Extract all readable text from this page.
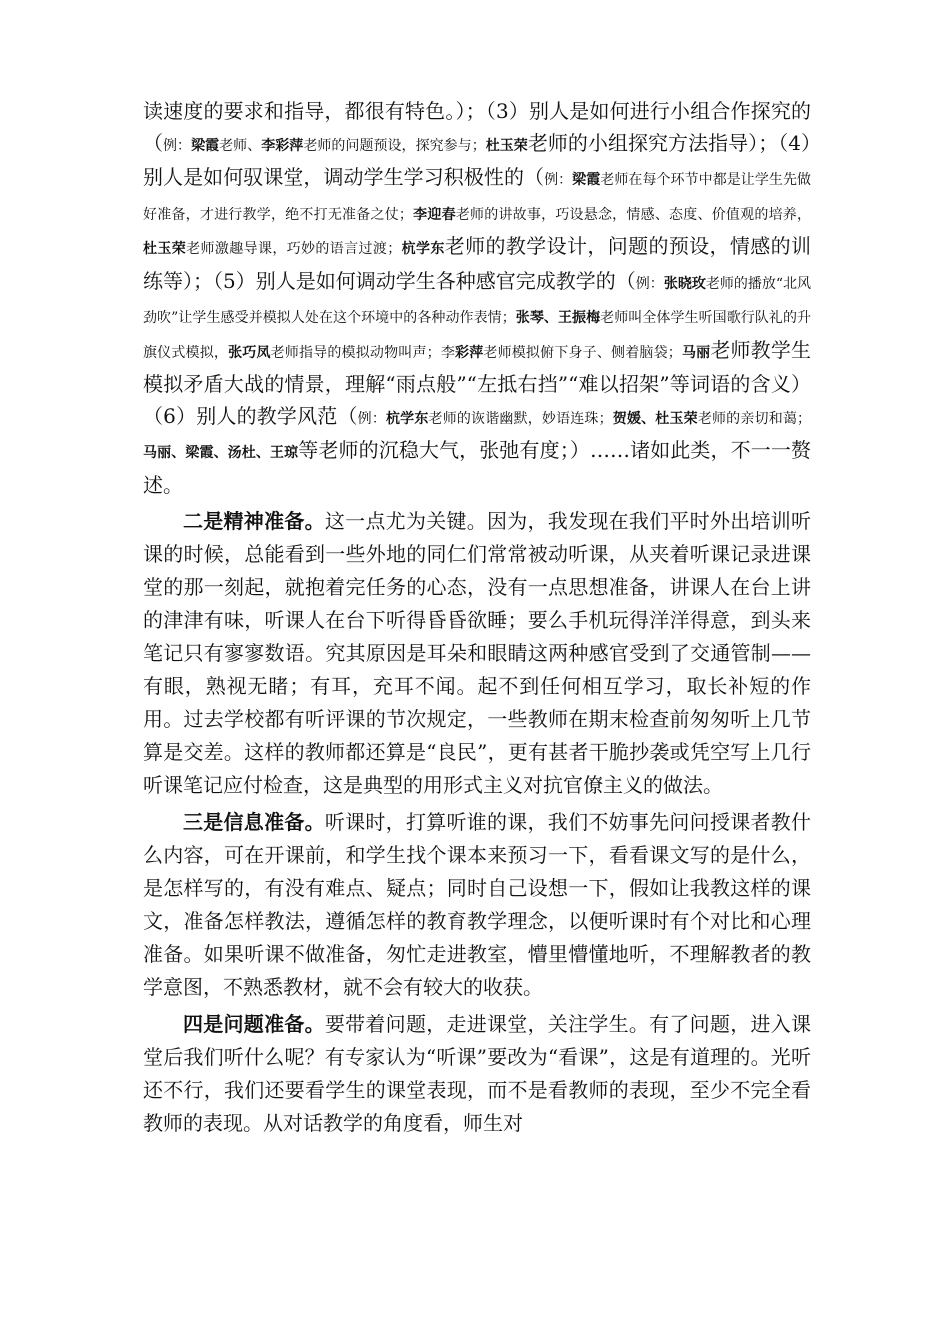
读速度的要求和指导，都很有特色。）；（3）别人是如何进行小组合作探究的（例：梁霞老师、李彩萍老师的问题预设，探究参与；杜玉荣老师的小组探究方法指导）；（4）别人是如何驭课堂，调动学生学习积极性的（例：梁霞老师在每个环节中都是让学生先做好准备，才进行教学，绝不打无准备之仗；李迎春老师的讲故事，巧设悬念，情感、态度、价值观的培养，杜玉荣老师激趣导课，巧妙的语言过渡；杭学东老师的教学设计，问题的预设，情感的训练等）；（5）别人是如何调动学生各种感官完成教学的（例：张晓玫老师的播放“北风劲吹”让学生感受并模拟人处在这个环境中的各种动作表情；张琴、王振梅老师叫全体学生听国歌行队礼的升旗仪式模拟，张巧凤老师指导的模拟动物叫声；李彩萍老师模拟俯下身子、侧着脑袋；马丽老师教学生模拟矛盾大战的情景，理解“雨点般”“左抵右挡”“难以招架”等词语的含义）（6）别人的教学风范（例：杭学东老师的诙谐幽默，妙语连珠；贺媛、杜玉荣老师的亲切和蔼；马丽、梁霞、汤杜、王琼等老师的沉稳大气，张弛有度；）……诸如此类，不一一赘述。

二是精神准备。这一点尤为关键。因为，我发现在我们平时外出培训听课的时候，总能看到一些外地的同仁们常常被动听课，从夹着听课记录进课堂的那一刻起，就抱着完任务的心态，没有一点思想准备，讲课人在台上讲的津津有味，听课人在台下听得昏昏欲睡；要么手机玩得洋洋得意，到头来笔记只有寥寥数语。究其原因是耳朵和眼睛这两种感官受到了交通管制——有眼，熟视无睹；有耳，充耳不闻。起不到任何相互学习，取长补短的作用。过去学校都有听评课的节次规定，一些教师在期末检查前匆匆听上几节算是交差。这样的教师都还算是“良民”，更有甚者干脆抄袭或凭空写上几行听课笔记应付检查，这是典型的用形式主义对抗官僚主义的做法。

三是信息准备。听课时，打算听谁的课，我们不妨事先问问授课者教什么内容，可在开课前，和学生找个课本来预习一下，看看课文写的是什么，是怎样写的，有没有难点、疑点；同时自己设想一下，假如让我教这样的课文，准备怎样教法，遵循怎样的教育教学理念，以便听课时有个对比和心理准备。如果听课不做准备，匆忙走进教室，懵里懵懂地听，不理解教者的教学意图，不熟悉教材，就不会有较大的收获。

四是问题准备。要带着问题，走进课堂，关注学生。有了问题，进入课堂后我们听什么呢？有专家认为“听课”要改为“看课”，这是有道理的。光听还不行，我们还要看学生的课堂表现，而不是看教师的表现，至少不完全看教师的表现。从对话教学的角度看，师生对
